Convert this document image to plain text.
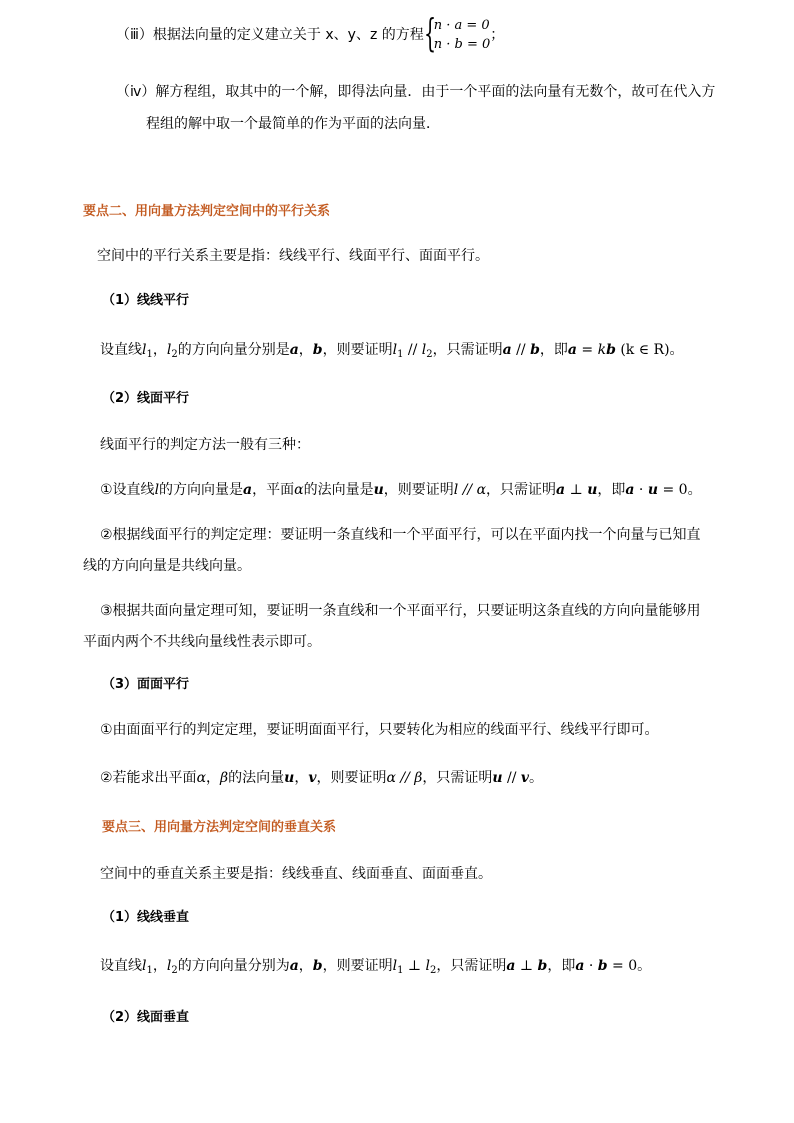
（ⅲ）根据法向量的定义建立关于 x、y、z 的方程 {
n · a = 0
n · b = 0
；
（ⅳ）解方程组，取其中的一个解，即得法向量．由于一个平面的法向量有无数个，故可在代入方
程组的解中取一个最简单的作为平面的法向量．
要点二、用向量方法判定空间中的平行关系
空间中的平行关系主要是指：线线平行、线面平行、面面平行。
（1）线线平行
设直线$l_1$，$l_2$的方向向量分别是a，b，则要证明$l_1 // l_2$，只需证明a // b，即a = kb (k ∈ R)。
（2）线面平行
线面平行的判定方法一般有三种：
①设直线l的方向向量是a，平面α的法向量是u，则要证明l // α，只需证明a ⊥ u，即a · u = 0。
②根据线面平行的判定定理：要证明一条直线和一个平面平行，可以在平面内找一个向量与已知直
线的方向向量是共线向量。
③根据共面向量定理可知，要证明一条直线和一个平面平行，只要证明这条直线的方向向量能够用
平面内两个不共线向量线性表示即可。
（3）面面平行
①由面面平行的判定定理，要证明面面平行，只要转化为相应的线面平行、线线平行即可。
②若能求出平面α，β的法向量u，v，则要证明α // β，只需证明u // v。
要点三、用向量方法判定空间的垂直关系
空间中的垂直关系主要是指：线线垂直、线面垂直、面面垂直。
（1）线线垂直
设直线$l_1$，$l_2$的方向向量分别为a，b，则要证明$l_1$ ⊥ $l_2$，只需证明a ⊥ b，即a · b = 0。
（2）线面垂直
